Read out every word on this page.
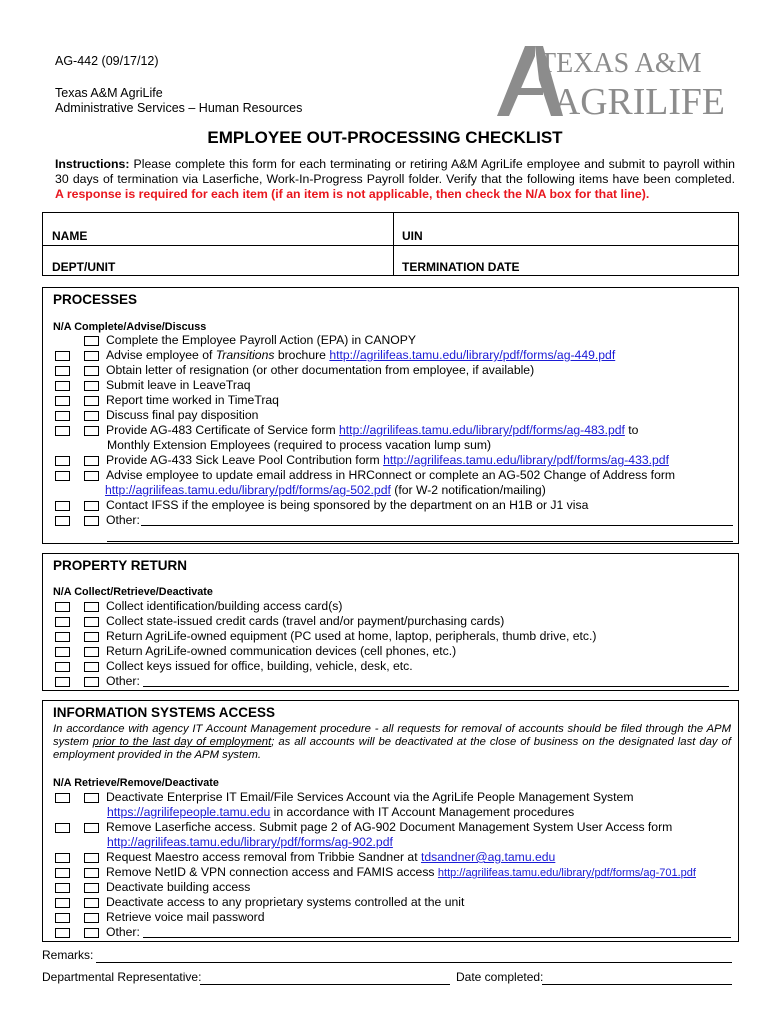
AG-442 (09/17/12)
Texas A&M AgriLife
Administrative Services – Human Resources
TEXAS A&M
AGRILIFE
EMPLOYEE OUT-PROCESSING CHECKLIST
Instructions: Please complete this form for each terminating or retiring A&M AgriLife employee and submit to payroll within 30 days of termination via Laserfiche, Work-In-Progress Payroll folder. Verify that the following items have been completed. A response is required for each item (if an item is not applicable, then check the N/A box for that line).
NAME	UIN
DEPT/UNIT	TERMINATION DATE
PROCESSES
N/A Complete/Advise/Discuss
Complete the Employee Payroll Action (EPA) in CANOPY
Advise employee of Transitions brochure http://agrilifeas.tamu.edu/library/pdf/forms/ag-449.pdf
Obtain letter of resignation (or other documentation from employee, if available)
Submit leave in LeaveTraq
Report time worked in TimeTraq
Discuss final pay disposition
Provide AG-483 Certificate of Service form http://agrilifeas.tamu.edu/library/pdf/forms/ag-483.pdf to
Monthly Extension Employees (required to process vacation lump sum)
Provide AG-433 Sick Leave Pool Contribution form http://agrilifeas.tamu.edu/library/pdf/forms/ag-433.pdf
Advise employee to update email address in HRConnect or complete an AG-502 Change of Address form
http://agrilifeas.tamu.edu/library/pdf/forms/ag-502.pdf (for W-2 notification/mailing)
Contact IFSS if the employee is being sponsored by the department on an H1B or J1 visa
Other:
PROPERTY RETURN
N/A Collect/Retrieve/Deactivate
Collect identification/building access card(s)
Collect state-issued credit cards (travel and/or payment/purchasing cards)
Return AgriLife-owned equipment (PC used at home, laptop, peripherals, thumb drive, etc.)
Return AgriLife-owned communication devices (cell phones, etc.)
Collect keys issued for office, building, vehicle, desk, etc.
Other:
INFORMATION SYSTEMS ACCESS
In accordance with agency IT Account Management procedure - all requests for removal of accounts should be filed through the APM system prior to the last day of employment; as all accounts will be deactivated at the close of business on the designated last day of employment provided in the APM system.
N/A Retrieve/Remove/Deactivate
Deactivate Enterprise IT Email/File Services Account via the AgriLife People Management System
https://agrilifepeople.tamu.edu in accordance with IT Account Management procedures
Remove Laserfiche access. Submit page 2 of AG-902 Document Management System User Access form
http://agrilifeas.tamu.edu/library/pdf/forms/ag-902.pdf
Request Maestro access removal from Tribbie Sandner at tdsandner@ag.tamu.edu
Remove NetID & VPN connection access and FAMIS access http://agrilifeas.tamu.edu/library/pdf/forms/ag-701.pdf
Deactivate building access
Deactivate access to any proprietary systems controlled at the unit
Retrieve voice mail password
Other:
Remarks:
Departmental Representative:	Date completed:
